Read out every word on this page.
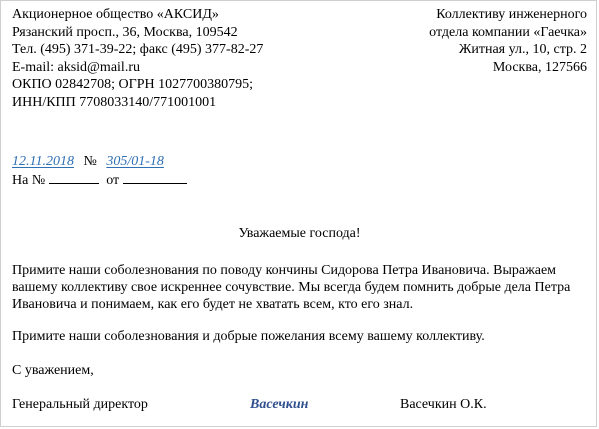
Акционерное общество «АКСИД»
Рязанский просп., 36, Москва, 109542
Тел. (495) 371-39-22; факс (495) 377-82-27
E-mail: aksid@mail.ru
ОКПО 02842708; ОГРН 1027700380795;
ИНН/КПП 7708033140/771001001
Коллективу инженерного
отдела компании «Гаечка»
Житная ул., 10, стр. 2
Москва, 127566
12.11.2018 № 305/01-18
На №	от
Уважаемые господа!
Примите наши соболезнования по поводу кончины Сидорова Петра Ивановича. Выражаем вашему коллективу свое искреннее сочувствие. Мы всегда будем помнить добрые дела Петра Ивановича и понимаем, как его будет не хватать всем, кто его знал.
Примите наши соболезнования и добрые пожелания всему вашему коллективу.
С уважением,
Генеральный директор	Васечкин	Васечкин О.К.
